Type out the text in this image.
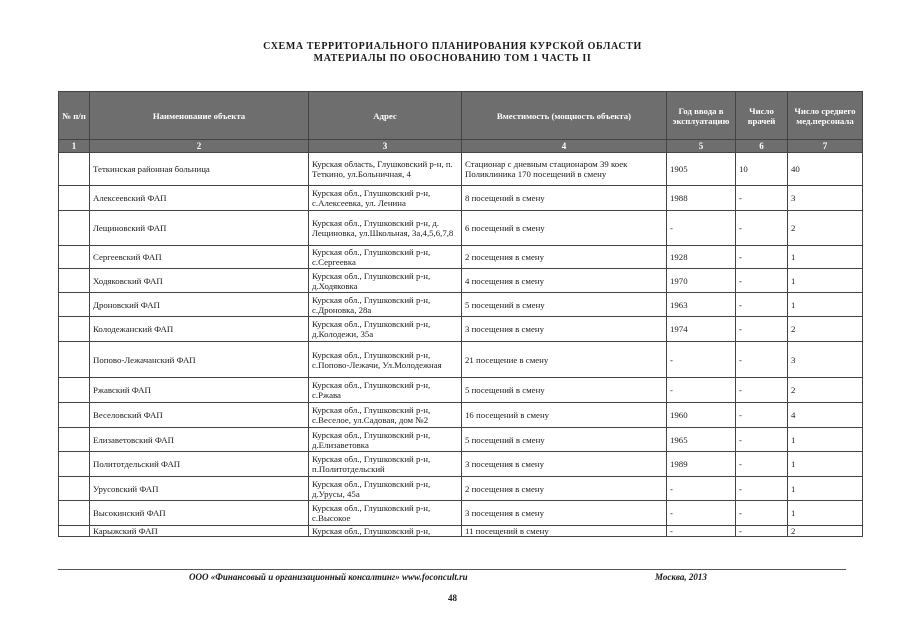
СХЕМА ТЕРРИТОРИАЛЬНОГО ПЛАНИРОВАНИЯ КУРСКОЙ ОБЛАСТИ
МАТЕРИАЛЫ ПО ОБОСНОВАНИЮ ТОМ 1 ЧАСТЬ II
№ п/п	Наименование объекта	Адрес	Вместимость (мощность объекта)	Год ввода в эксплуатацию	Число врачей	Число среднего мед.персонала
1	2	3	4	5	6	7
	Теткинская районная больница	Курская область, Глушковский р-н, п. Теткино, ул.Больничная, 4	Стационар с дневным стационаром 39 коек Поликлиника 170 посещений в смену	1905	10	40
	Алексеевский ФАП	Курская обл., Глушковский р-н, с.Алексеевка, ул. Ленина	8 посещений в смену	1988	-	3
	Лещиновский ФАП	Курская обл., Глушковский р-н, д. Лещиновка, ул.Школьная, 3а,4,5,6,7,8	6 посещений в смену	-	-	2
	Сергеевский ФАП	Курская обл., Глушковский р-н, с.Сергеевка	2 посещения в смену	1928	-	1
	Ходяковский ФАП	Курская обл., Глушковский р-н, д.Ходяковка	4 посещения в смену	1970	-	1
	Дроновский ФАП	Курская обл., Глушковский р-н, с.Дроновка, 28а	5 посещений в смену	1963	-	1
	Колодежанский ФАП	Курская обл., Глушковский р-н, д.Колодежи, 35а	3 посещения в смену	1974	-	2
	Попово-Лежачанский ФАП	Курская обл., Глушковский р-н, с.Попово-Лежачи, Ул.Молодежная	21 посещение в смену	-	-	3
	Ржавский ФАП	Курская обл., Глушковский р-н, с.Ржава	5 посещений в смену	-	-	2
	Веселовский ФАП	Курская обл., Глушковский р-н, с.Веселое, ул.Садовая, дом №2	16 посещений в смену	1960	-	4
	Елизаветовский ФАП	Курская обл., Глушковский р-н, д.Елизаветовка	5 посещений в смену	1965	-	1
	Политотдельский ФАП	Курская обл., Глушковский р-н, п.Политотдельский	3 посещения в смену	1989	-	1
	Урусовский ФАП	Курская обл., Глушковский р-н, д.Урусы, 45а	2 посещения в смену	-	-	1
	Высокинский ФАП	Курская обл., Глушковский р-н, с.Высокое	3 посещения в смену	-	-	1
	Карыжский ФАП	Курская обл., Глушковский р-н,	11 посещений в смену	-	-	2
ООО «Финансовый и организационный консалтинг» www.foconcult.ru	Москва, 2013
48
